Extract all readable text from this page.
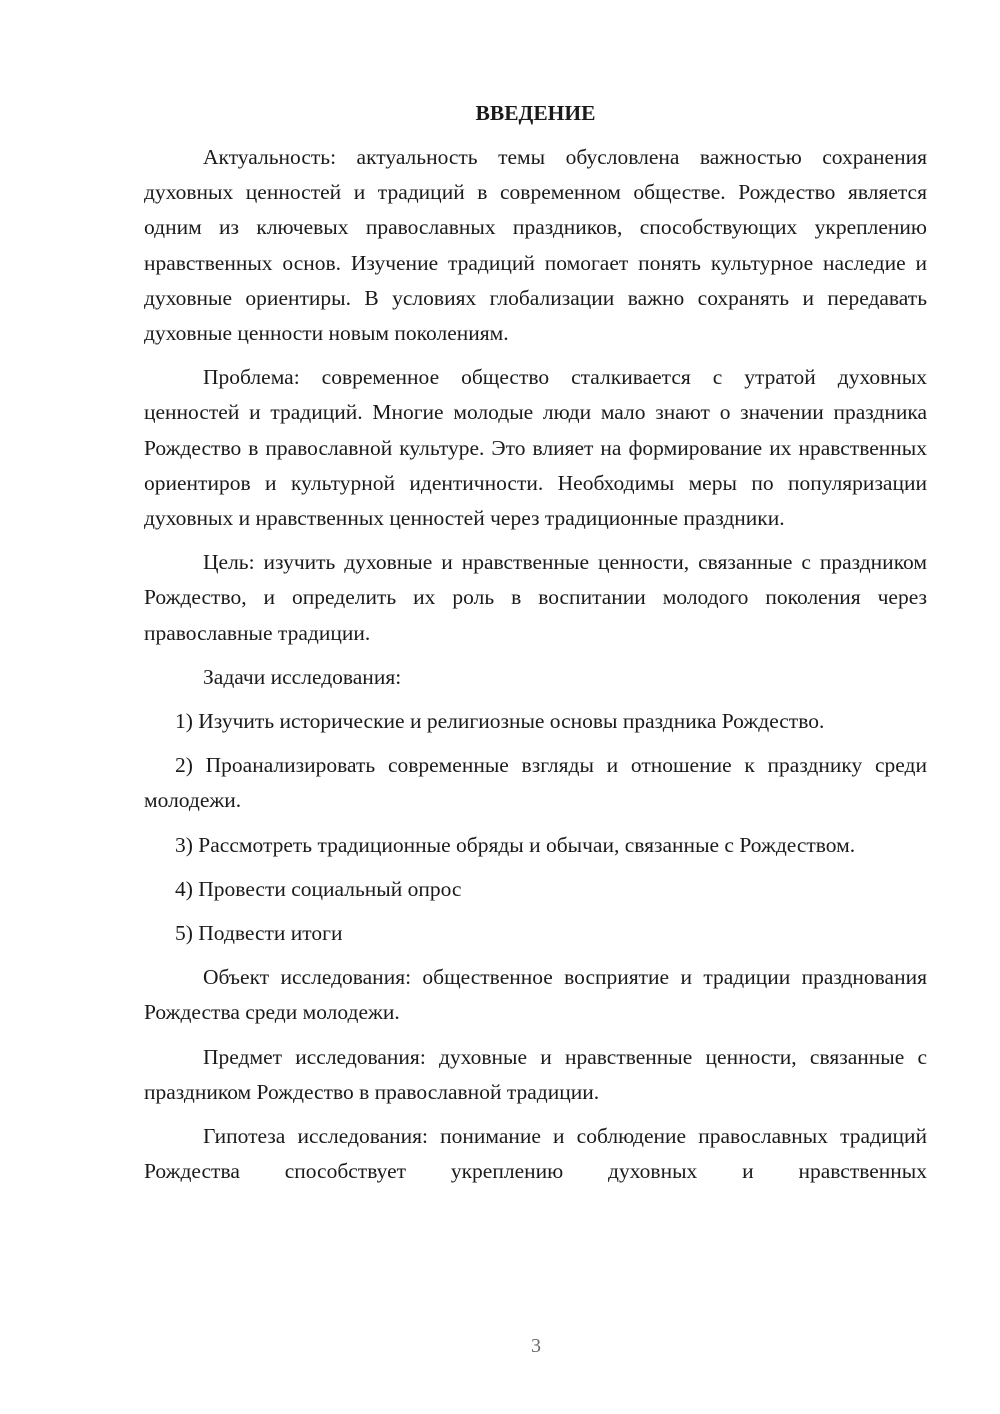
ВВЕДЕНИЕ

Актуальность: актуальность темы обусловлена важностью сохранения духовных ценностей и традиций в современном обществе. Рождество является одним из ключевых православных праздников, способствующих укреплению нравственных основ. Изучение традиций помогает понять культурное наследие и духовные ориентиры. В условиях глобализации важно сохранять и передавать духовные ценности новым поколениям.

Проблема: современное общество сталкивается с утратой духовных ценностей и традиций. Многие молодые люди мало знают о значении праздника Рождество в православной культуре. Это влияет на формирование их нравственных ориентиров и культурной идентичности. Необходимы меры по популяризации духовных и нравственных ценностей через традиционные праздники.

Цель: изучить духовные и нравственные ценности, связанные с праздником Рождество, и определить их роль в воспитании молодого поколения через православные традиции.

Задачи исследования:

1) Изучить исторические и религиозные основы праздника Рождество.

2) Проанализировать современные взгляды и отношение к празднику среди молодежи.

3) Рассмотреть традиционные обряды и обычаи, связанные с Рождеством.

4) Провести социальный опрос

5) Подвести итоги

Объект исследования: общественное восприятие и традиции празднования Рождества среди молодежи.

Предмет исследования: духовные и нравственные ценности, связанные с праздником Рождество в православной традиции.

Гипотеза исследования: понимание и соблюдение православных традиций Рождества способствует укреплению духовных и нравственных

3
